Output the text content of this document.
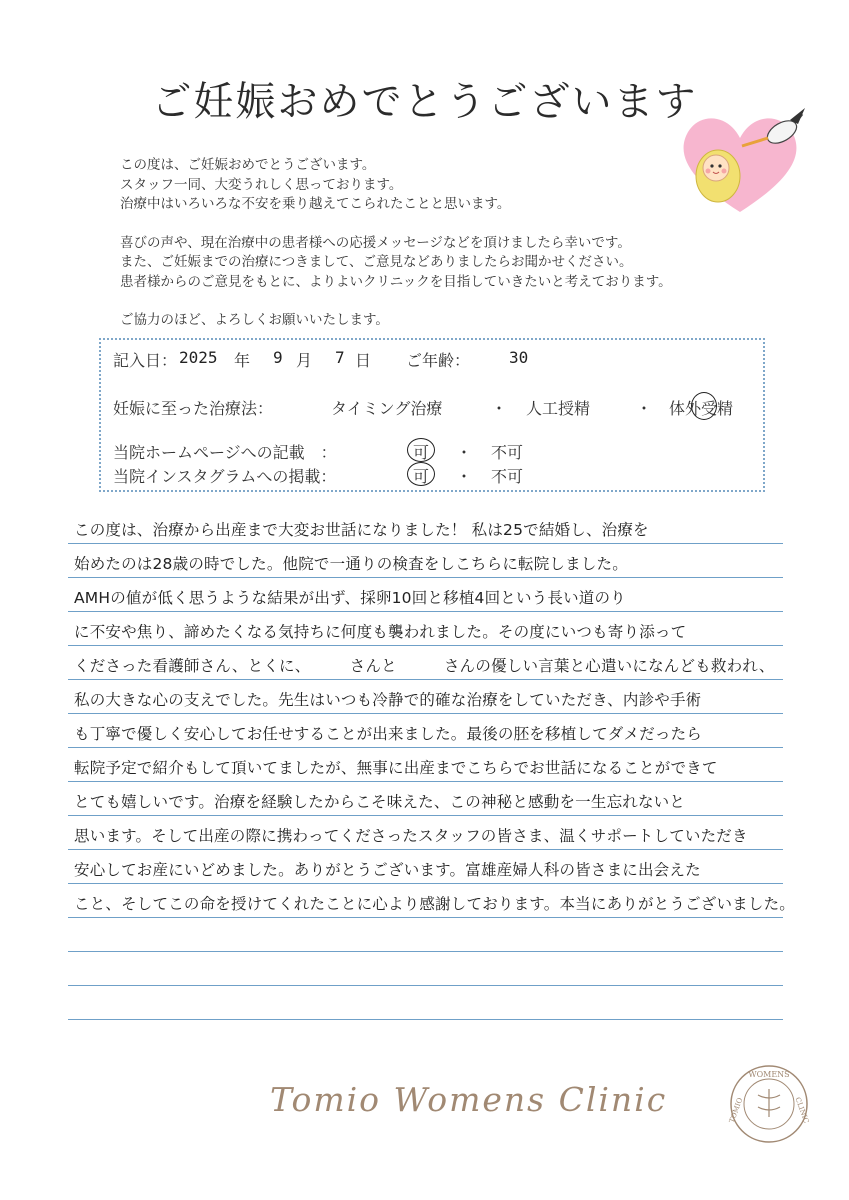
ご妊娠おめでとうございます

この度は、ご妊娠おめでとうございます。

スタッフ一同、大変うれしく思っております。

治療中はいろいろな不安を乗り越えてこられたことと思います。

喜びの声や、現在治療中の患者様への応援メッセージなどを頂けましたら幸いです。

また、ご妊娠までの治療につきまして、ご意見などありましたらお聞かせください。

患者様からのご意見をもとに、よりよいクリニックを目指していきたいと考えております。

ご協力のほど、よろしくお願いいたします。

記入日： 2025 年 9 月 7 日 ご年齢： 30
妊娠に至った治療法：	タイミング治療	・ 人工授精	・ 体外受精
当院ホームページへの記載　：	可 ・ 不可
当院インスタグラムへの掲載：	可 ・ 不可
この度は、治療から出産まで大変お世話になりました！ 私は25で結婚し、治療を
始めたのは28歳の時でした。他院で一通りの検査をしこちらに転院しました。
AMHの値が低く思うような結果が出ず、採卵10回と移植4回という長い道のり
に不安や焦り、諦めたくなる気持ちに何度も襲われました。その度にいつも寄り添って
くださった看護師さん、とくに、　　　さんと　　　さんの優しい言葉と心遣いになんども救われ、
私の大きな心の支えでした。先生はいつも冷静で的確な治療をしていただき、内診や手術
も丁寧で優しく安心してお任せすることが出来ました。最後の胚を移植してダメだったら
転院予定で紹介もして頂いてましたが、無事に出産までこちらでお世話になることができて
とても嬉しいです。治療を経験したからこそ味えた、この神秘と感動を一生忘れないと
思います。そして出産の際に携わってくださったスタッフの皆さま、温くサポートしていただき
安心してお産にいどめました。ありがとうございます。富雄産婦人科の皆さまに出会えた
こと、そしてこの命を授けてくれたことに心より感謝しております。本当にありがとうございました。
Tomio Womens Clinic
WOMENS
TOMIO	CLINIC
